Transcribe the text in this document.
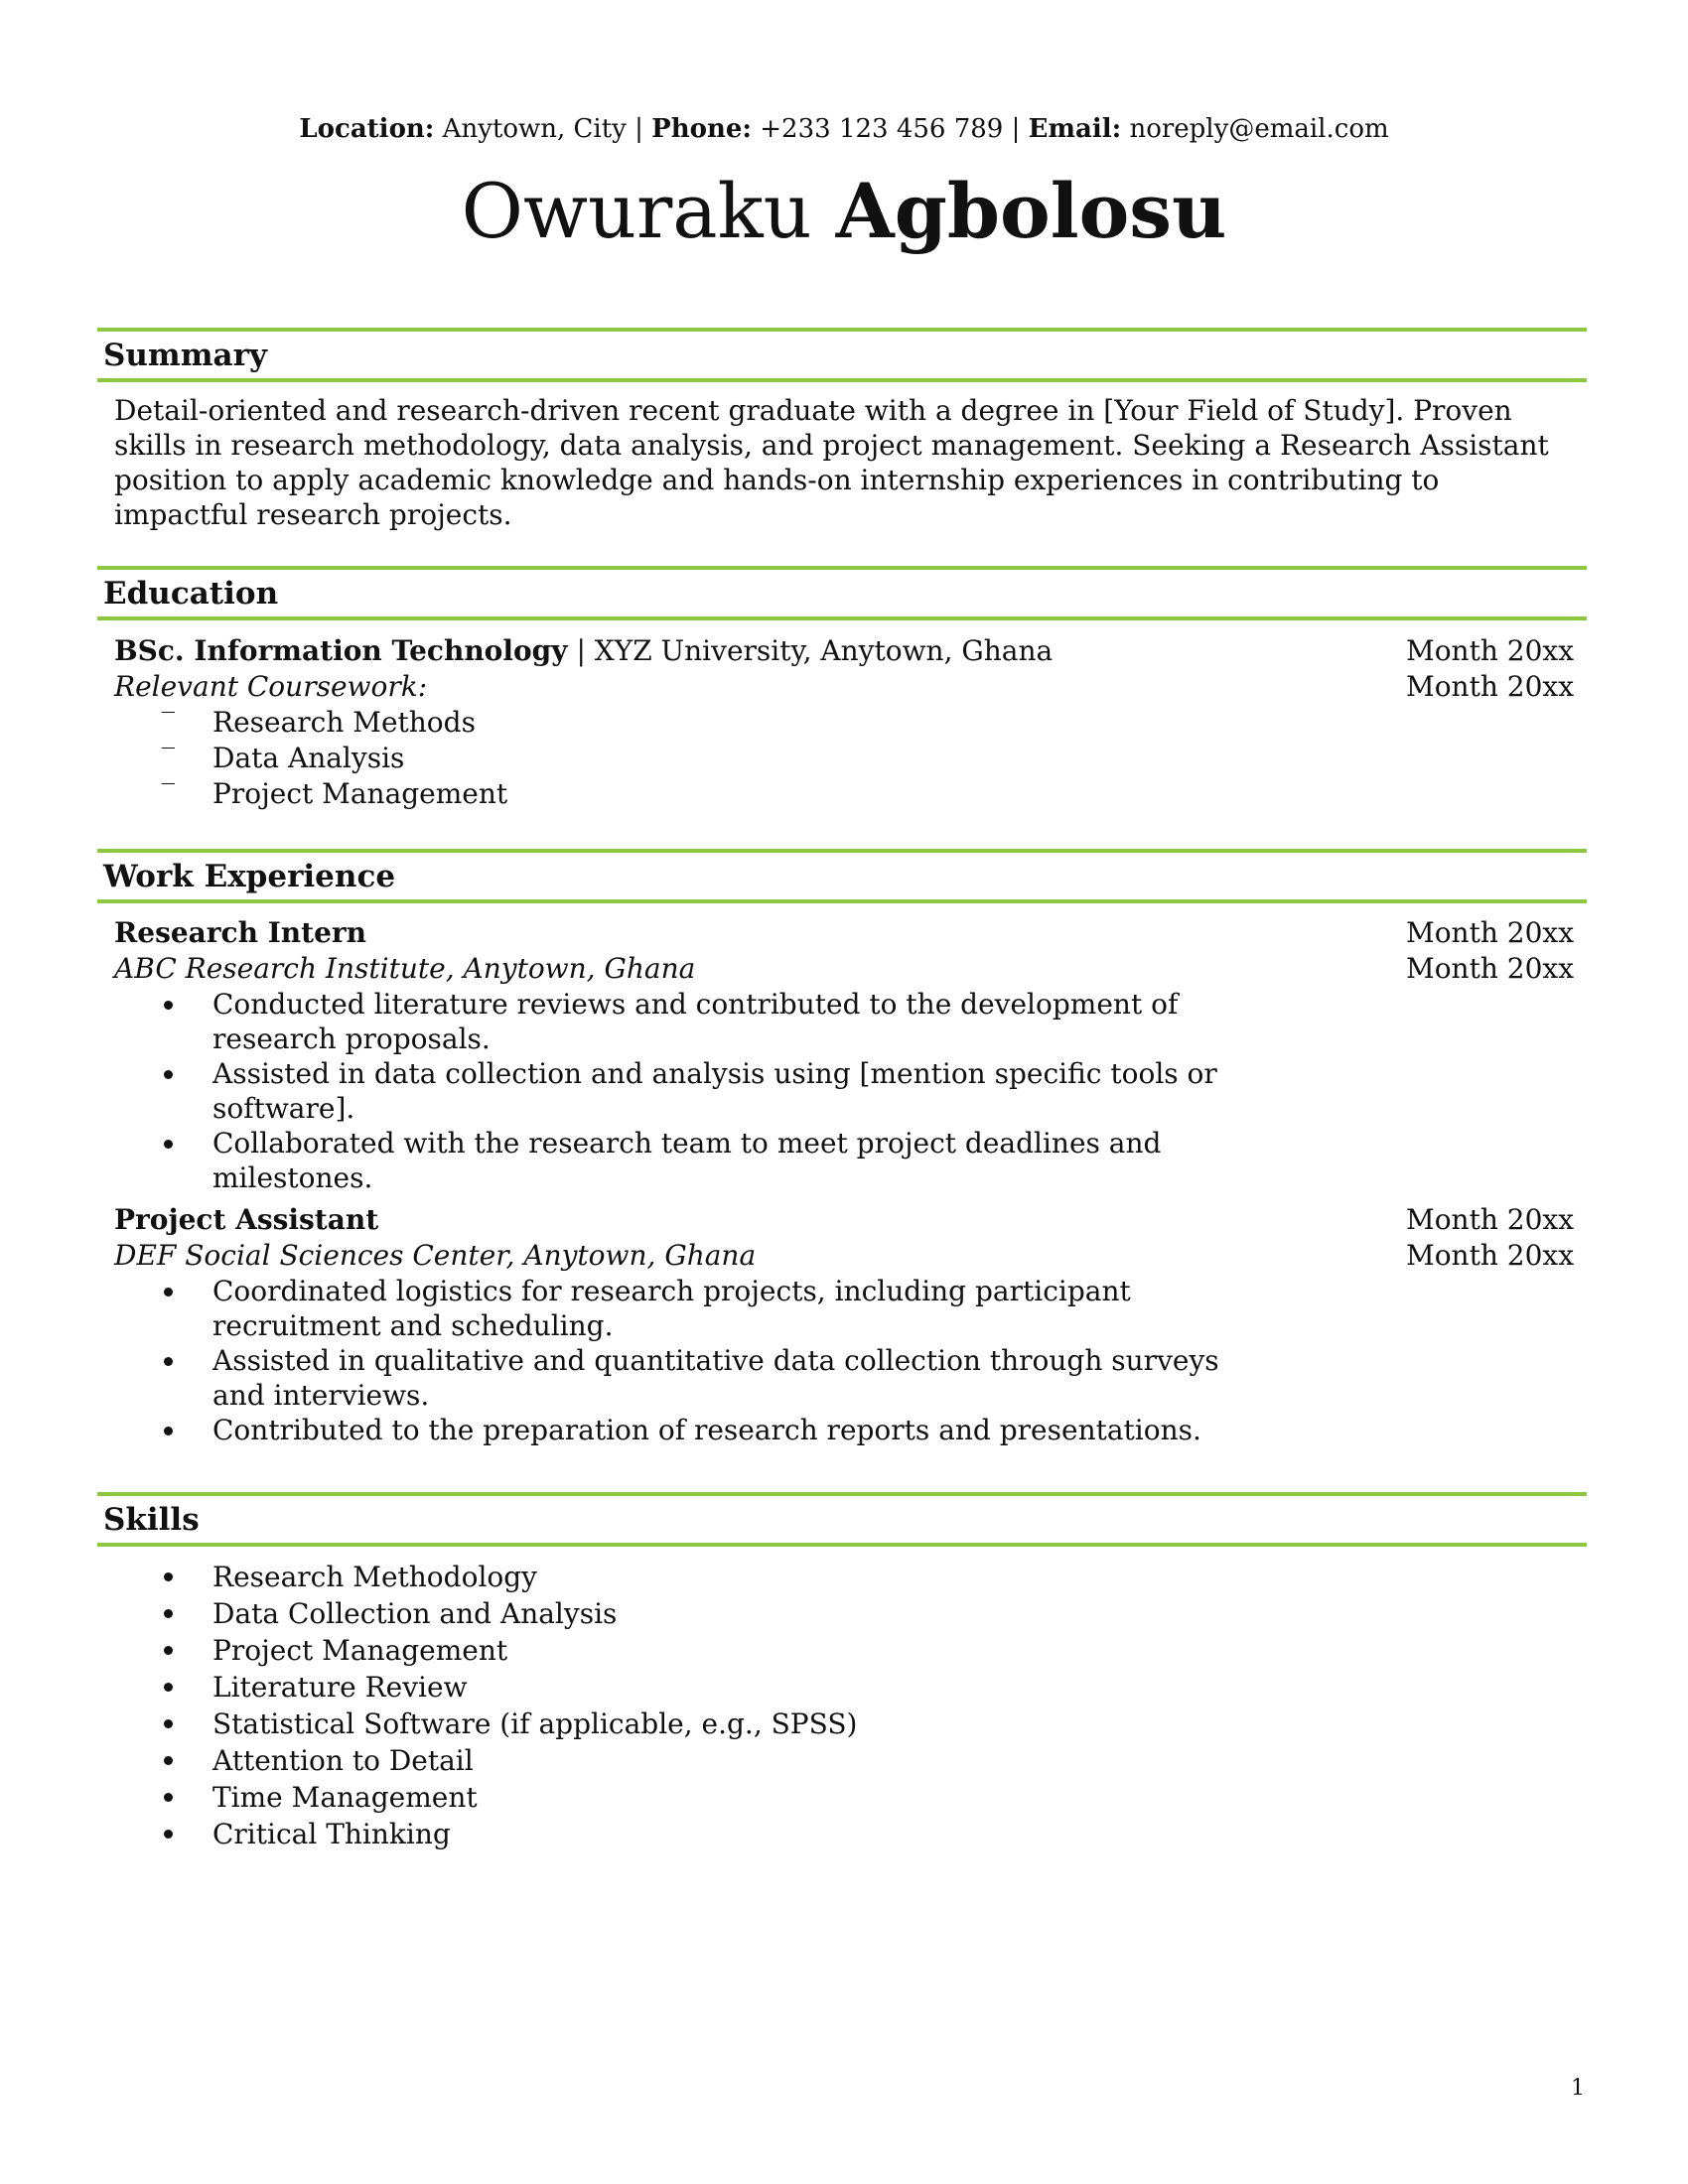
Location: Anytown, City | Phone: +233 123 456 789 | Email: noreply@email.com
Owuraku Agbolosu
Summary
Detail-oriented and research-driven recent graduate with a degree in [Your Field of Study]. Proven skills in research methodology, data analysis, and project management. Seeking a Research Assistant position to apply academic knowledge and hands-on internship experiences in contributing to impactful research projects.
Education
BSc. Information Technology | XYZ University, Anytown, Ghana	Month 20xx
Relevant Coursework:	Month 20xx
‾ Research Methods
‾ Data Analysis
‾ Project Management
Work Experience
Research Intern	Month 20xx
ABC Research Institute, Anytown, Ghana	Month 20xx
Conducted literature reviews and contributed to the development of research proposals.
Assisted in data collection and analysis using [mention specific tools or software].
Collaborated with the research team to meet project deadlines and milestones.
Project Assistant	Month 20xx
DEF Social Sciences Center, Anytown, Ghana	Month 20xx
Coordinated logistics for research projects, including participant recruitment and scheduling.
Assisted in qualitative and quantitative data collection through surveys and interviews.
Contributed to the preparation of research reports and presentations.
Skills
Research Methodology
Data Collection and Analysis
Project Management
Literature Review
Statistical Software (if applicable, e.g., SPSS)
Attention to Detail
Time Management
Critical Thinking
1
